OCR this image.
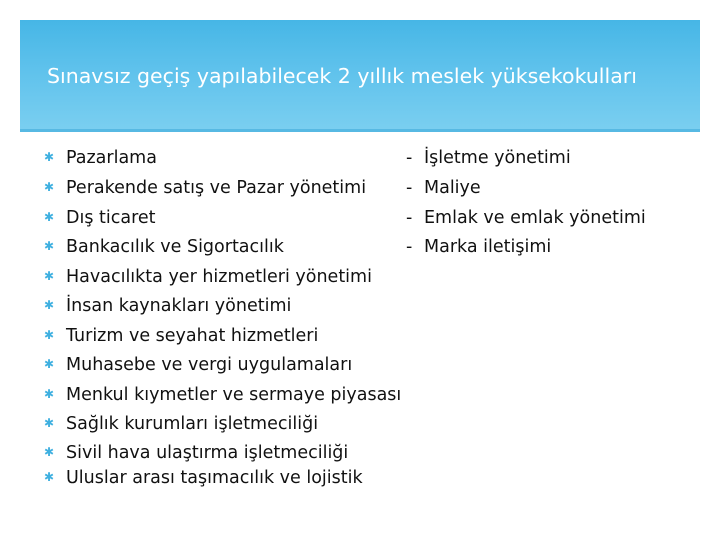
Sınavsız geçiş yapılabilecek 2 yıllık meslek yüksekokulları
✱ Pazarlama
✱ Perakende satış ve Pazar yönetimi
✱ Dış ticaret
✱ Bankacılık ve Sigortacılık
✱ Havacılıkta yer hizmetleri yönetimi
✱ İnsan kaynakları yönetimi
✱ Turizm ve seyahat hizmetleri
✱ Muhasebe ve vergi uygulamaları
✱ Menkul kıymetler ve sermaye piyasası
✱ Sağlık kurumları işletmeciliği
✱ Sivil hava ulaştırma işletmeciliği
✱ Uluslar arası taşımacılık ve lojistik
- İşletme yönetimi
- Maliye
- Emlak ve emlak yönetimi
- Marka iletişimi
